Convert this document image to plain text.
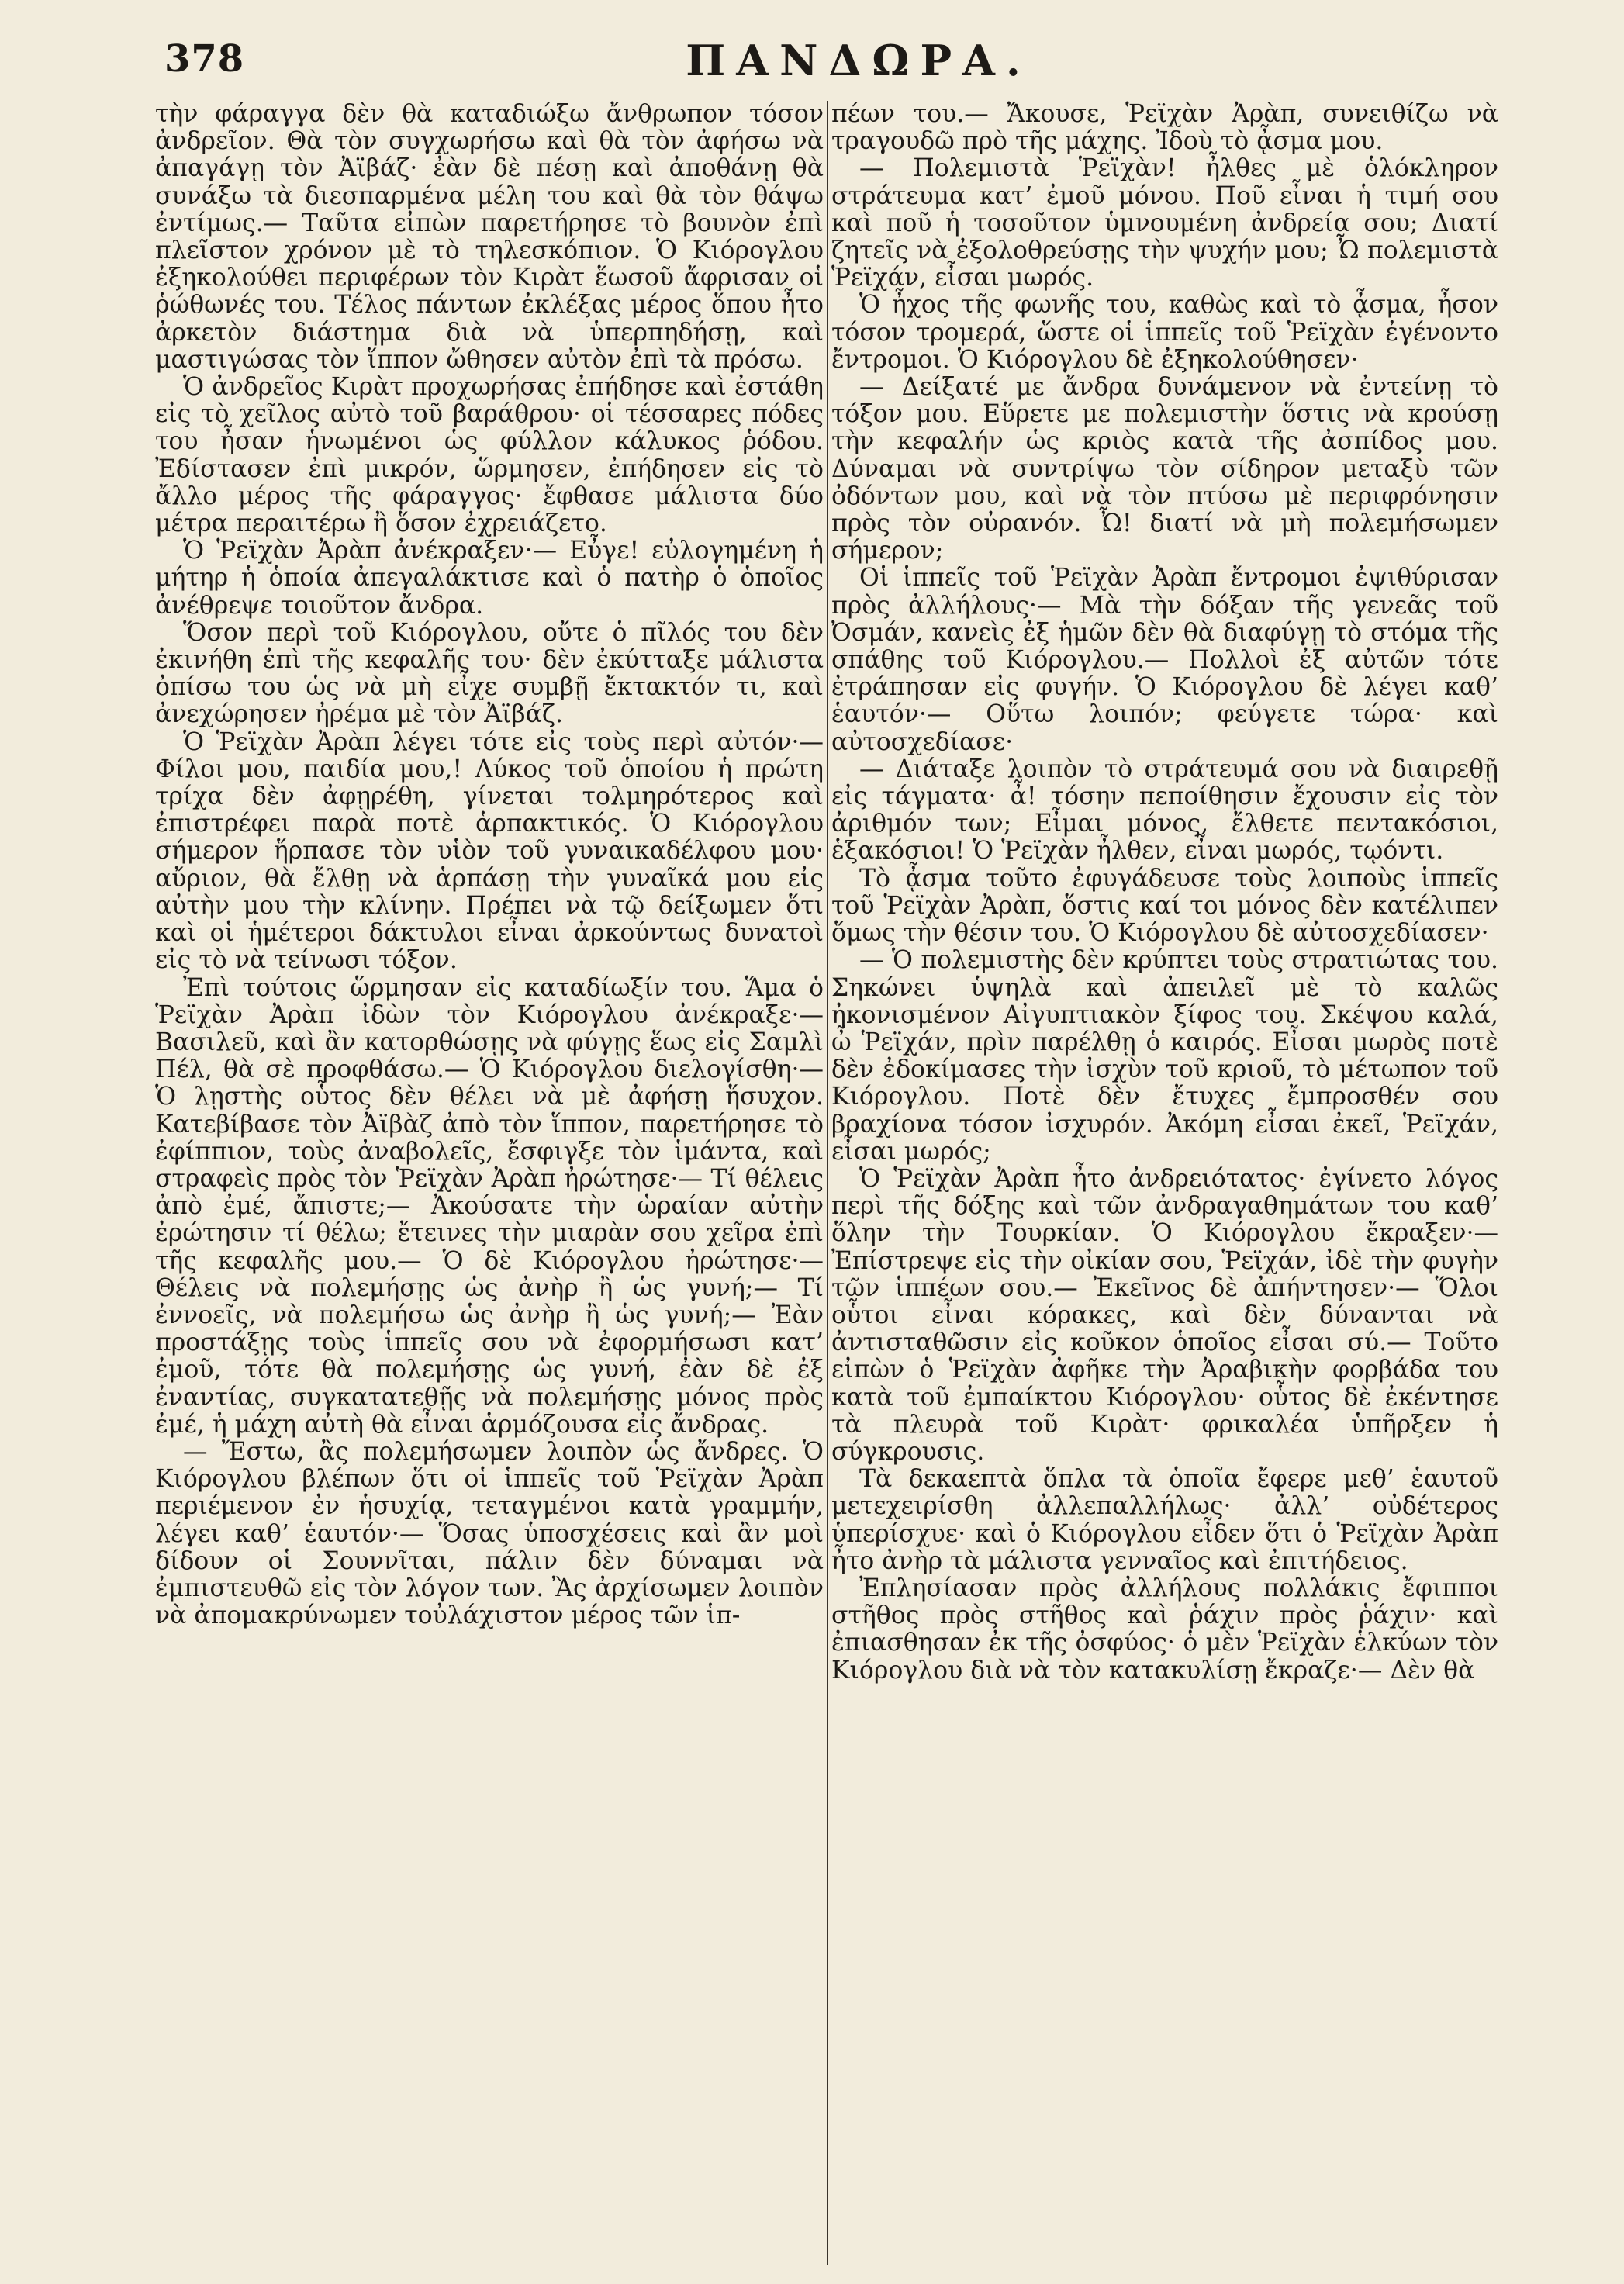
378	ΠΑΝΔΩΡΑ.

τὴν φάραγγα δὲν θὰ καταδιώξω ἄνθρωπον τόσον ἀνδρεῖον. Θὰ τὸν συγχωρήσω καὶ θὰ τὸν ἀφήσω νὰ ἀπαγάγῃ τὸν Ἀϊβάζ· ἐὰν δὲ πέσῃ καὶ ἀποθάνῃ θὰ συνάξω τὰ διεσπαρμένα μέλη του καὶ θὰ τὸν θάψω ἐντίμως.— Ταῦτα εἰπὼν παρετήρησε τὸ βουνὸν ἐπὶ πλεῖστον χρόνον μὲ τὸ τηλεσκόπιον. Ὁ Κιόρογλου ἐξηκολούθει περιφέρων τὸν Κιρὰτ ἕωσοῦ ἄφρισαν οἱ ῥώθωνές του. Τέλος πάντων ἐκλέξας μέρος ὅπου ἦτο ἀρκετὸν διάστημα διὰ νὰ ὑπερπηδήσῃ, καὶ μαστιγώσας τὸν ἵππον ὤθησεν αὐτὸν ἐπὶ τὰ πρόσω.

Ὁ ἀνδρεῖος Κιρὰτ προχωρήσας ἐπήδησε καὶ ἐστάθη εἰς τὸ χεῖλος αὐτὸ τοῦ βαράθρου· οἱ τέσσαρες πόδες του ἦσαν ἡνωμένοι ὡς φύλλον κάλυκος ῥόδου. Ἐδίστασεν ἐπὶ μικρόν, ὥρμησεν, ἐπήδησεν εἰς τὸ ἄλλο μέρος τῆς φάραγγος· ἔφθασε μάλιστα δύο μέτρα περαιτέρω ἢ ὅσον ἐχρειάζετο.

Ὁ Ῥεϊχὰν Ἀρὰπ ἀνέκραξεν·— Εὖγε! εὐλογημένη ἡ μήτηρ ἡ ὁποία ἀπεγαλάκτισε καὶ ὁ πατὴρ ὁ ὁποῖος ἀνέθρεψε τοιοῦτον ἄνδρα.

Ὅσον περὶ τοῦ Κιόρογλου, οὔτε ὁ πῖλός του δὲν ἐκινήθη ἐπὶ τῆς κεφαλῆς του· δὲν ἐκύτταξε μάλιστα ὀπίσω του ὡς νὰ μὴ εἶχε συμβῇ ἔκτακτόν τι, καὶ ἀνεχώρησεν ἠρέμα μὲ τὸν Ἀϊβάζ.

Ὁ Ῥεϊχὰν Ἀρὰπ λέγει τότε εἰς τοὺς περὶ αὐτόν·— Φίλοι μου, παιδία μου,! Λύκος τοῦ ὁποίου ἡ πρώτη τρίχα δὲν ἀφῃρέθη, γίνεται τολμηρότερος καὶ ἐπιστρέφει παρὰ ποτὲ ἁρπακτικός. Ὁ Κιόρογλου σήμερον ἥρπασε τὸν υἱὸν τοῦ γυναικαδέλφου μου· αὔριον, θὰ ἔλθῃ νὰ ἁρπάσῃ τὴν γυναῖκά μου εἰς αὐτὴν μου τὴν κλίνην. Πρέπει νὰ τῷ δείξωμεν ὅτι καὶ οἱ ἡμέτεροι δάκτυλοι εἶναι ἀρκούντως δυνατοὶ εἰς τὸ νὰ τείνωσι τόξον.

Ἐπὶ τούτοις ὥρμησαν εἰς καταδίωξίν του. Ἅμα ὁ Ῥεϊχὰν Ἀρὰπ ἰδὼν τὸν Κιόρογλου ἀνέκραξε·— Βασιλεῦ, καὶ ἂν κατορθώσῃς νὰ φύγῃς ἕως εἰς Σαμλὶ Πέλ, θὰ σὲ προφθάσω.— Ὁ Κιόρογλου διελογίσθη·— Ὁ λῃστὴς οὗτος δὲν θέλει νὰ μὲ ἀφήσῃ ἥσυχον. Κατεβίβασε τὸν Ἀϊβὰζ ἀπὸ τὸν ἵππον, παρετήρησε τὸ ἐφίππιον, τοὺς ἀναβολεῖς, ἔσφιγξε τὸν ἱμάντα, καὶ στραφεὶς πρὸς τὸν Ῥεϊχὰν Ἀρὰπ ἠρώτησε·— Τί θέλεις ἀπὸ ἐμέ, ἄπιστε;— Ἀκούσατε τὴν ὡραίαν αὐτὴν ἐρώτησιν τί θέλω; ἔτεινες τὴν μιαρὰν σου χεῖρα ἐπὶ τῆς κεφαλῆς μου.— Ὁ δὲ Κιόρογλου ἠρώτησε·— Θέλεις νὰ πολεμήσῃς ὡς ἀνὴρ ἢ ὡς γυνή;— Τί ἐννοεῖς, νὰ πολεμήσω ὡς ἀνὴρ ἢ ὡς γυνή;— Ἐὰν προστάξῃς τοὺς ἱππεῖς σου νὰ ἐφορμήσωσι κατ’ ἐμοῦ, τότε θὰ πολεμήσῃς ὡς γυνή, ἐὰν δὲ ἐξ ἐναντίας, συγκατατεθῇς νὰ πολεμήσῃς μόνος πρὸς ἐμέ, ἡ μάχη αὐτὴ θὰ εἶναι ἁρμόζουσα εἰς ἄνδρας.

— Ἔστω, ἂς πολεμήσωμεν λοιπὸν ὡς ἄνδρες. Ὁ Κιόρογλου βλέπων ὅτι οἱ ἱππεῖς τοῦ Ῥεϊχὰν Ἀρὰπ περιέμενον ἐν ἡσυχίᾳ, τεταγμένοι κατὰ γραμμήν, λέγει καθ’ ἑαυτόν·— Ὅσας ὑποσχέσεις καὶ ἂν μοὶ δίδουν οἱ Σουννῖται, πάλιν δὲν δύναμαι νὰ ἐμπιστευθῶ εἰς τὸν λόγον των. Ἂς ἀρχίσωμεν λοιπὸν νὰ ἀπομακρύνωμεν τοὐλάχιστον μέρος τῶν ἱπ-

πέων του.— Ἄκουσε, Ῥεϊχὰν Ἀρὰπ, συνειθίζω νὰ τραγουδῶ πρὸ τῆς μάχης. Ἰδοὺ τὸ ᾆσμα μου.

— Πολεμιστὰ Ῥεϊχὰν! ἦλθες μὲ ὁλόκληρον στράτευμα κατ’ ἐμοῦ μόνου. Ποῦ εἶναι ἡ τιμή σου καὶ ποῦ ἡ τοσοῦτον ὑμνουμένη ἀνδρεία σου; Διατί ζητεῖς νὰ ἐξολοθρεύσῃς τὴν ψυχήν μου; Ὦ πολεμιστὰ Ῥεϊχάν, εἶσαι μωρός.

Ὁ ἦχος τῆς φωνῆς του, καθὼς καὶ τὸ ᾆσμα, ἦσον τόσον τρομερά, ὥστε οἱ ἱππεῖς τοῦ Ῥεϊχὰν ἐγένοντο ἔντρομοι. Ὁ Κιόρογλου δὲ ἐξηκολούθησεν·

— Δείξατέ με ἄνδρα δυνάμενον νὰ ἐντείνῃ τὸ τόξον μου. Εὕρετε με πολεμιστὴν ὅστις νὰ κρούσῃ τὴν κεφαλήν ὡς κριὸς κατὰ τῆς ἀσπίδος μου. Δύναμαι νὰ συντρίψω τὸν σίδηρον μεταξὺ τῶν ὀδόντων μου, καὶ νὰ τὸν πτύσω μὲ περιφρόνησιν πρὸς τὸν οὐρανόν. Ὦ! διατί νὰ μὴ πολεμήσωμεν σήμερον;

Οἱ ἱππεῖς τοῦ Ῥεϊχὰν Ἀρὰπ ἔντρομοι ἐψιθύρισαν πρὸς ἀλλήλους·— Μὰ τὴν δόξαν τῆς γενεᾶς τοῦ Ὀσμάν, κανεὶς ἐξ ἡμῶν δὲν θὰ διαφύγῃ τὸ στόμα τῆς σπάθης τοῦ Κιόρογλου.— Πολλοὶ ἐξ αὐτῶν τότε ἐτράπησαν εἰς φυγήν. Ὁ Κιόρογλου δὲ λέγει καθ’ ἑαυτόν·— Οὕτω λοιπόν; φεύγετε τώρα· καὶ αὐτοσχεδίασε·

— Διάταξε λοιπὸν τὸ στράτευμά σου νὰ διαιρεθῇ εἰς τάγματα· ἆ! τόσην πεποίθησιν ἔχουσιν εἰς τὸν ἀριθμόν των; Εἶμαι μόνος, ἔλθετε πεντακόσιοι, ἑξακόσιοι! Ὁ Ῥεϊχὰν ἦλθεν, εἶναι μωρός, τῳόντι.

Τὸ ᾆσμα τοῦτο ἐφυγάδευσε τοὺς λοιποὺς ἱππεῖς τοῦ Ῥεϊχὰν Ἀρὰπ, ὅστις καί τοι μόνος δὲν κατέλιπεν ὅμως τὴν θέσιν του. Ὁ Κιόρογλου δὲ αὐτοσχεδίασεν·

— Ὁ πολεμιστὴς δὲν κρύπτει τοὺς στρατιώτας του. Σηκώνει ὑψηλὰ καὶ ἀπειλεῖ μὲ τὸ καλῶς ἠκονισμένον Αἰγυπτιακὸν ξίφος του. Σκέψου καλά, ὦ Ῥεϊχάν, πρὶν παρέλθῃ ὁ καιρός. Εἶσαι μωρὸς ποτὲ δὲν ἐδοκίμασες τὴν ἰσχὺν τοῦ κριοῦ, τὸ μέτωπον τοῦ Κιόρογλου. Ποτὲ δὲν ἔτυχες ἔμπροσθέν σου βραχίονα τόσον ἰσχυρόν. Ἀκόμη εἶσαι ἐκεῖ, Ῥεϊχάν, εἶσαι μωρός;

Ὁ Ῥεϊχὰν Ἀρὰπ ἦτο ἀνδρειότατος· ἐγίνετο λόγος περὶ τῆς δόξης καὶ τῶν ἀνδραγαθημάτων του καθ’ ὅλην τὴν Τουρκίαν. Ὁ Κιόρογλου ἔκραξεν·— Ἐπίστρεψε εἰς τὴν οἰκίαν σου, Ῥεϊχάν, ἰδὲ τὴν φυγὴν τῶν ἱππέων σου.— Ἐκεῖνος δὲ ἀπήντησεν·— Ὅλοι οὗτοι εἶναι κόρακες, καὶ δὲν δύνανται νὰ ἀντισταθῶσιν εἰς κοῦκον ὁποῖος εἶσαι σύ.— Τοῦτο εἰπὼν ὁ Ῥεϊχὰν ἀφῆκε τὴν Ἀραβικὴν φορβάδα του κατὰ τοῦ ἐμπαίκτου Κιόρογλου· οὗτος δὲ ἐκέντησε τὰ πλευρὰ τοῦ Κιρὰτ· φρικαλέα ὑπῆρξεν ἡ σύγκρουσις.

Τὰ δεκαεπτὰ ὅπλα τὰ ὁποῖα ἔφερε μεθ’ ἑαυτοῦ μετεχειρίσθη ἀλλεπαλλήλως· ἀλλ’ οὐδέτερος ὑπερίσχυε· καὶ ὁ Κιόρογλου εἶδεν ὅτι ὁ Ῥεϊχὰν Ἀρὰπ ἦτο ἀνὴρ τὰ μάλιστα γενναῖος καὶ ἐπιτήδειος.

Ἐπλησίασαν πρὸς ἀλλήλους πολλάκις ἔφιπποι στῆθος πρὸς στῆθος καὶ ῥάχιν πρὸς ῥάχιν· καὶ ἐπιασθησαν ἐκ τῆς ὀσφύος· ὁ μὲν Ῥεϊχὰν ἑλκύων τὸν Κιόρογλου διὰ νὰ τὸν κατακυλίσῃ ἔκραζε·— Δὲν θὰ
